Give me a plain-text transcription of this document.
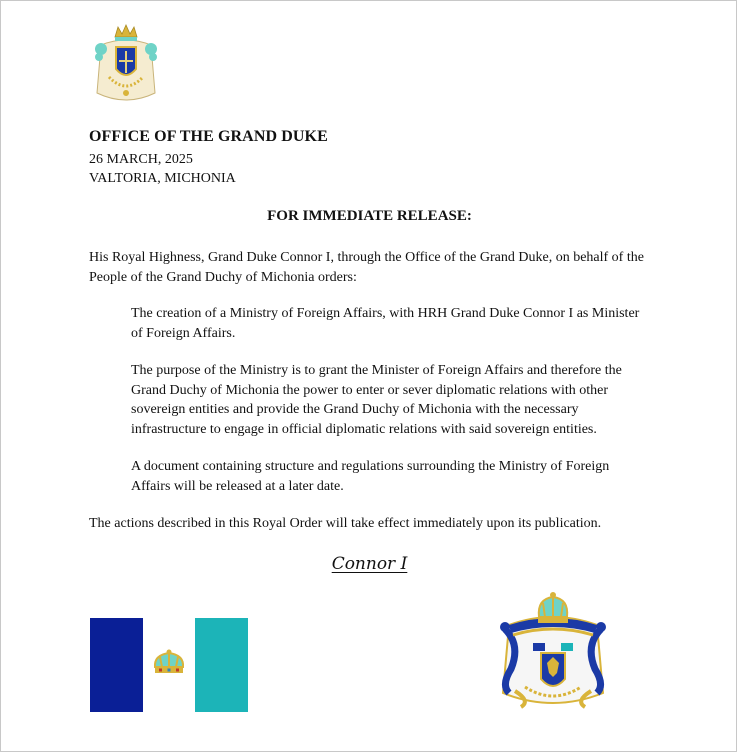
OFFICE OF THE GRAND DUKE
26 MARCH, 2025
VALTORIA, MICHONIA
FOR IMMEDIATE RELEASE:
His Royal Highness, Grand Duke Connor I, through the Office of the Grand Duke, on behalf of the People of the Grand Duchy of Michonia orders:
The creation of a Ministry of Foreign Affairs, with HRH Grand Duke Connor I as Minister of Foreign Affairs.
The purpose of the Ministry is to grant the Minister of Foreign Affairs and therefore the Grand Duchy of Michonia the power to enter or sever diplomatic relations with other sovereign entities and provide the Grand Duchy of Michonia with the necessary infrastructure to engage in official diplomatic relations with said sovereign entities.
A document containing structure and regulations surrounding the Ministry of Foreign Affairs will be released at a later date.
The actions described in this Royal Order will take effect immediately upon its publication.
Connor I
